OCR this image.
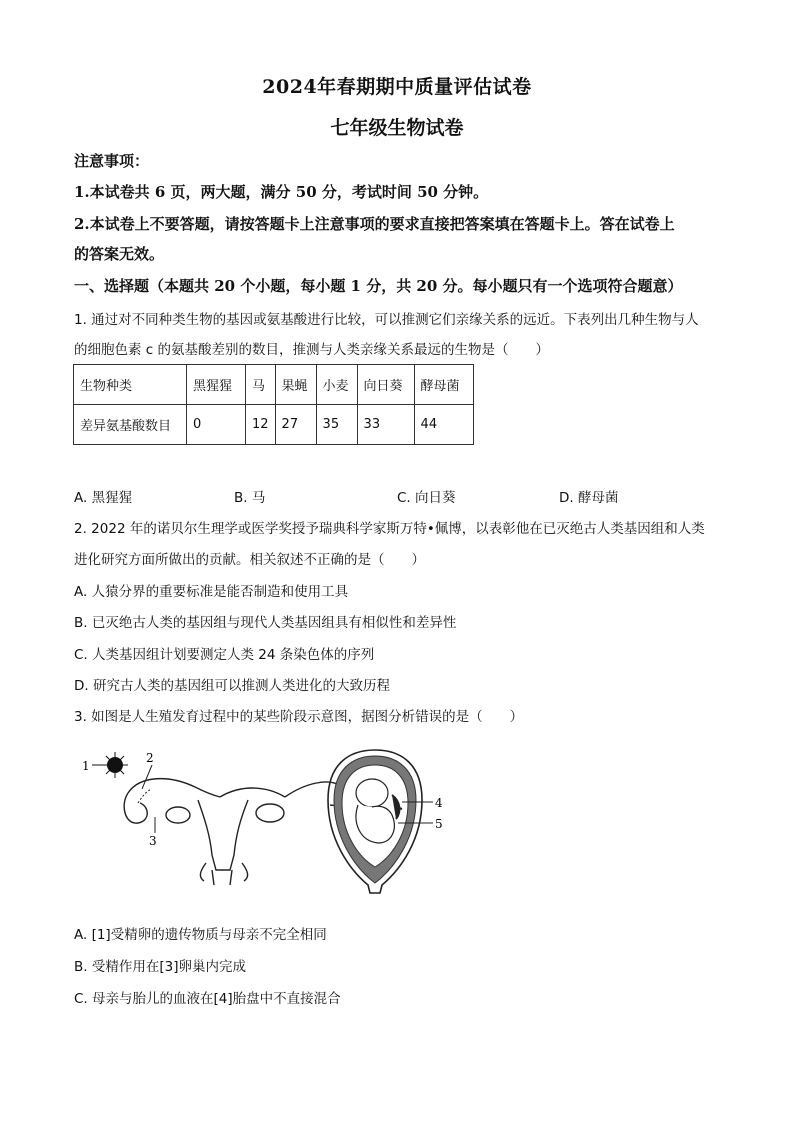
2024年春期期中质量评估试卷
七年级生物试卷
注意事项：
1.本试卷共 6 页，两大题，满分 50 分，考试时间 50 分钟。
2.本试卷上不要答题，请按答题卡上注意事项的要求直接把答案填在答题卡上。答在试卷上
的答案无效。
一、选择题（本题共 20 个小题，每小题 1 分，共 20 分。每小题只有一个选项符合题意）
1. 通过对不同种类生物的基因或氨基酸进行比较，可以推测它们亲缘关系的远近。下表列出几种生物与人
的细胞色素 c 的氨基酸差别的数目，推测与人类亲缘关系最远的生物是（　　）
生物种类	黑猩猩	马	果蝇	小麦	向日葵	酵母菌
差异氨基酸数目	0	12	27	35	33	44
A. 黑猩猩	B. 马	C. 向日葵	D. 酵母菌
2. 2022 年的诺贝尔生理学或医学奖授予瑞典科学家斯万特•佩博，以表彰他在已灭绝古人类基因组和人类
进化研究方面所做出的贡献。相关叙述不正确的是（　　）
A. 人猿分界的重要标准是能否制造和使用工具
B. 已灭绝古人类的基因组与现代人类基因组具有相似性和差异性
C. 人类基因组计划要测定人类 24 条染色体的序列
D. 研究古人类的基因组可以推测人类进化的大致历程
3. 如图是人生殖发育过程中的某些阶段示意图，据图分析错误的是（　　）
1
2
3
4
5
A. [1]受精卵的遗传物质与母亲不完全相同
B. 受精作用在[3]卵巢内完成
C. 母亲与胎儿的血液在[4]胎盘中不直接混合
